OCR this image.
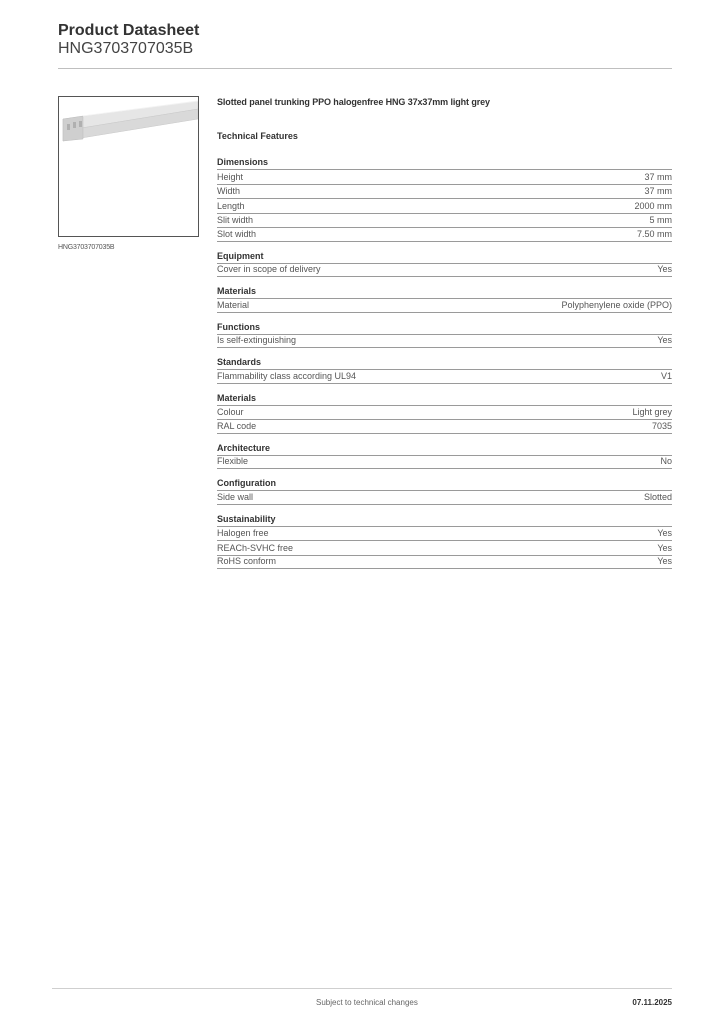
Product Datasheet
HNG3703707035B
HNG3703707035B
Slotted panel trunking PPO halogenfree HNG 37x37mm light grey
Technical Features
Dimensions
Height	37 mm
Width	37 mm
Length	2000 mm
Slit width	5 mm
Slot width	7.50 mm
Equipment
Cover in scope of delivery	Yes
Materials
Material	Polyphenylene oxide (PPO)
Functions
Is self-extinguishing	Yes
Standards
Flammability class according UL94	V1
Materials
Colour	Light grey
RAL code	7035
Architecture
Flexible	No
Configuration
Side wall	Slotted
Sustainability
Halogen free	Yes
REACh-SVHC free	Yes
RoHS conform	Yes
Subject to technical changes	07.11.2025
